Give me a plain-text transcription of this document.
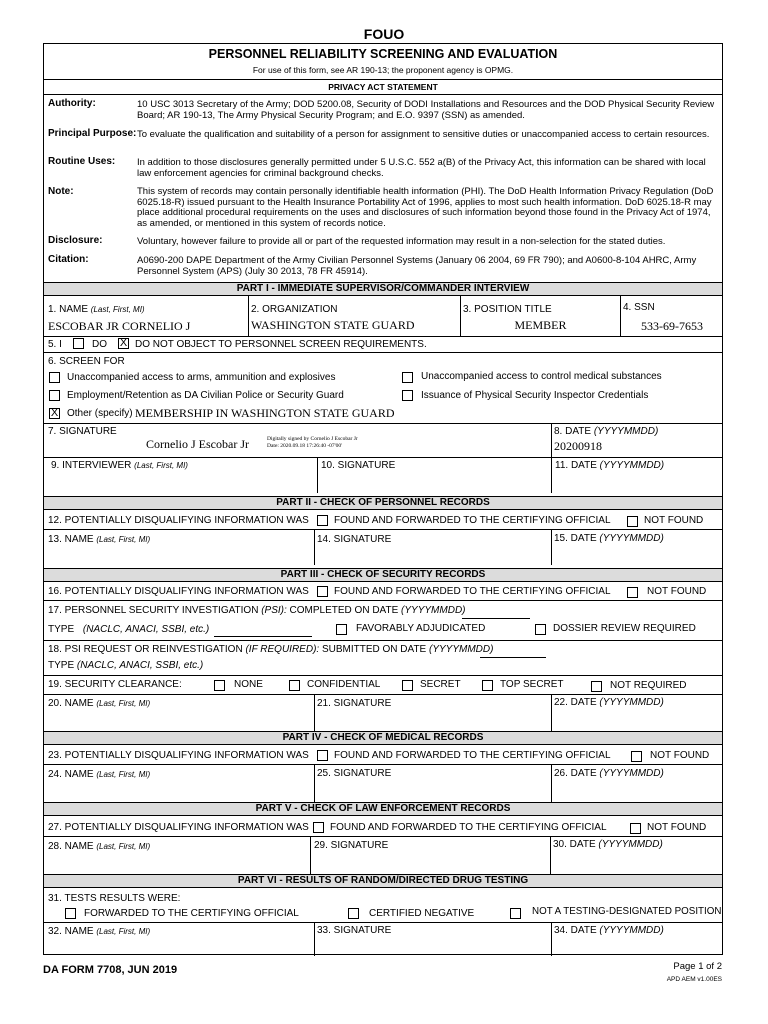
FOUO
PERSONNEL RELIABILITY SCREENING AND EVALUATION
For use of this form, see AR 190-13; the proponent agency is OPMG.
PRIVACY ACT STATEMENT
Authority:	10 USC 3013 Secretary of the Army; DOD 5200.08, Security of DODI Installations and Resources and the DOD Physical Security Review Board; AR 190-13, The Army Physical Security Program; and E.O. 9397 (SSN) as amended.
Principal Purpose: To evaluate the qualification and suitability of a person for assignment to sensitive duties or unaccompanied access to certain resources.
Routine Uses: In addition to those disclosures generally permitted under 5 U.S.C. 552 a(B) of the Privacy Act, this information can be shared with local law enforcement agencies for criminal background checks.
Note:	This system of records may contain personally identifiable health information (PHI). The DoD Health Information Privacy Regulation (DoD 6025.18-R) issued pursuant to the Health Insurance Portability Act of 1996, applies to most such health information. DoD 6025.18-R may place additional procedural requirements on the uses and disclosures of such information beyond those found in the Privacy Act of 1974, as amended, or mentioned in this system of records notice.
Disclosure:	Voluntary, however failure to provide all or part of the requested information may result in a non-selection for the stated duties.
Citation:	A0690-200 DAPE Department of the Army Civilian Personnel Systems (January 06 2004, 69 FR 790); and A0600-8-104 AHRC, Army Personnel System (APS) (July 30 2013, 78 FR 45914).
PART I - IMMEDIATE SUPERVISOR/COMMANDER INTERVIEW
1. NAME (Last, First, MI)
ESCOBAR JR CORNELIO J
2. ORGANIZATION
WASHINGTON STATE GUARD
3. POSITION TITLE
MEMBER
4. SSN
533-69-7653
5. I	DO X DO NOT OBJECT TO PERSONNEL SCREEN REQUIREMENTS.
6. SCREEN FOR
Unaccompanied access to arms, ammunition and explosives	Unaccompanied access to control medical substances
Employment/Retention as DA Civilian Police or Security Guard	Issuance of Physical Security Inspector Credentials
X Other (specify) MEMBERSHIP IN WASHINGTON STATE GUARD
7. SIGNATURE
Cornelio J Escobar Jr	Digitally signed by Cornelio J Escobar Jr
Date: 2020.09.18 17:26:40 -07'00'
8. DATE (YYYYMMDD)
20200918
9. INTERVIEWER (Last, First, MI)	10. SIGNATURE	11. DATE (YYYYMMDD)
PART II - CHECK OF PERSONNEL RECORDS
12. POTENTIALLY DISQUALIFYING INFORMATION WAS	FOUND AND FORWARDED TO THE CERTIFYING OFFICIAL	NOT FOUND
13. NAME (Last, First, MI)	14. SIGNATURE	15. DATE (YYYYMMDD)
PART III - CHECK OF SECURITY RECORDS
16. POTENTIALLY DISQUALIFYING INFORMATION WAS	FOUND AND FORWARDED TO THE CERTIFYING OFFICIAL	NOT FOUND
17. PERSONNEL SECURITY INVESTIGATION (PSI): COMPLETED ON DATE (YYYYMMDD)
TYPE (NACLC, ANACI, SSBI, etc.)	FAVORABLY ADJUDICATED	DOSSIER REVIEW REQUIRED
18. PSI REQUEST OR REINVESTIGATION (IF REQUIRED): SUBMITTED ON DATE (YYYYMMDD)
TYPE (NACLC, ANACI, SSBI, etc.)
19. SECURITY CLEARANCE:	NONE	CONFIDENTIAL	SECRET	TOP SECRET	NOT REQUIRED
20. NAME (Last, First, MI)	21. SIGNATURE	22. DATE (YYYYMMDD)
PART IV - CHECK OF MEDICAL RECORDS
23. POTENTIALLY DISQUALIFYING INFORMATION WAS	FOUND AND FORWARDED TO THE CERTIFYING OFFICIAL	NOT FOUND
24. NAME (Last, First, MI)	25. SIGNATURE	26. DATE (YYYYMMDD)
PART V - CHECK OF LAW ENFORCEMENT RECORDS
27. POTENTIALLY DISQUALIFYING INFORMATION WAS FOUND AND FORWARDED TO THE CERTIFYING OFFICIAL	NOT FOUND
28. NAME (Last, First, MI)	29. SIGNATURE	30. DATE (YYYYMMDD)
PART VI - RESULTS OF RANDOM/DIRECTED DRUG TESTING
31. TESTS RESULTS WERE:
FORWARDED TO THE CERTIFYING OFFICIAL	CERTIFIED NEGATIVE	NOT A TESTING-DESIGNATED POSITION
32. NAME (Last, First, MI)	33. SIGNATURE	34. DATE (YYYYMMDD)
DA FORM 7708, JUN 2019	Page 1 of 2
APD AEM v1.00ES
